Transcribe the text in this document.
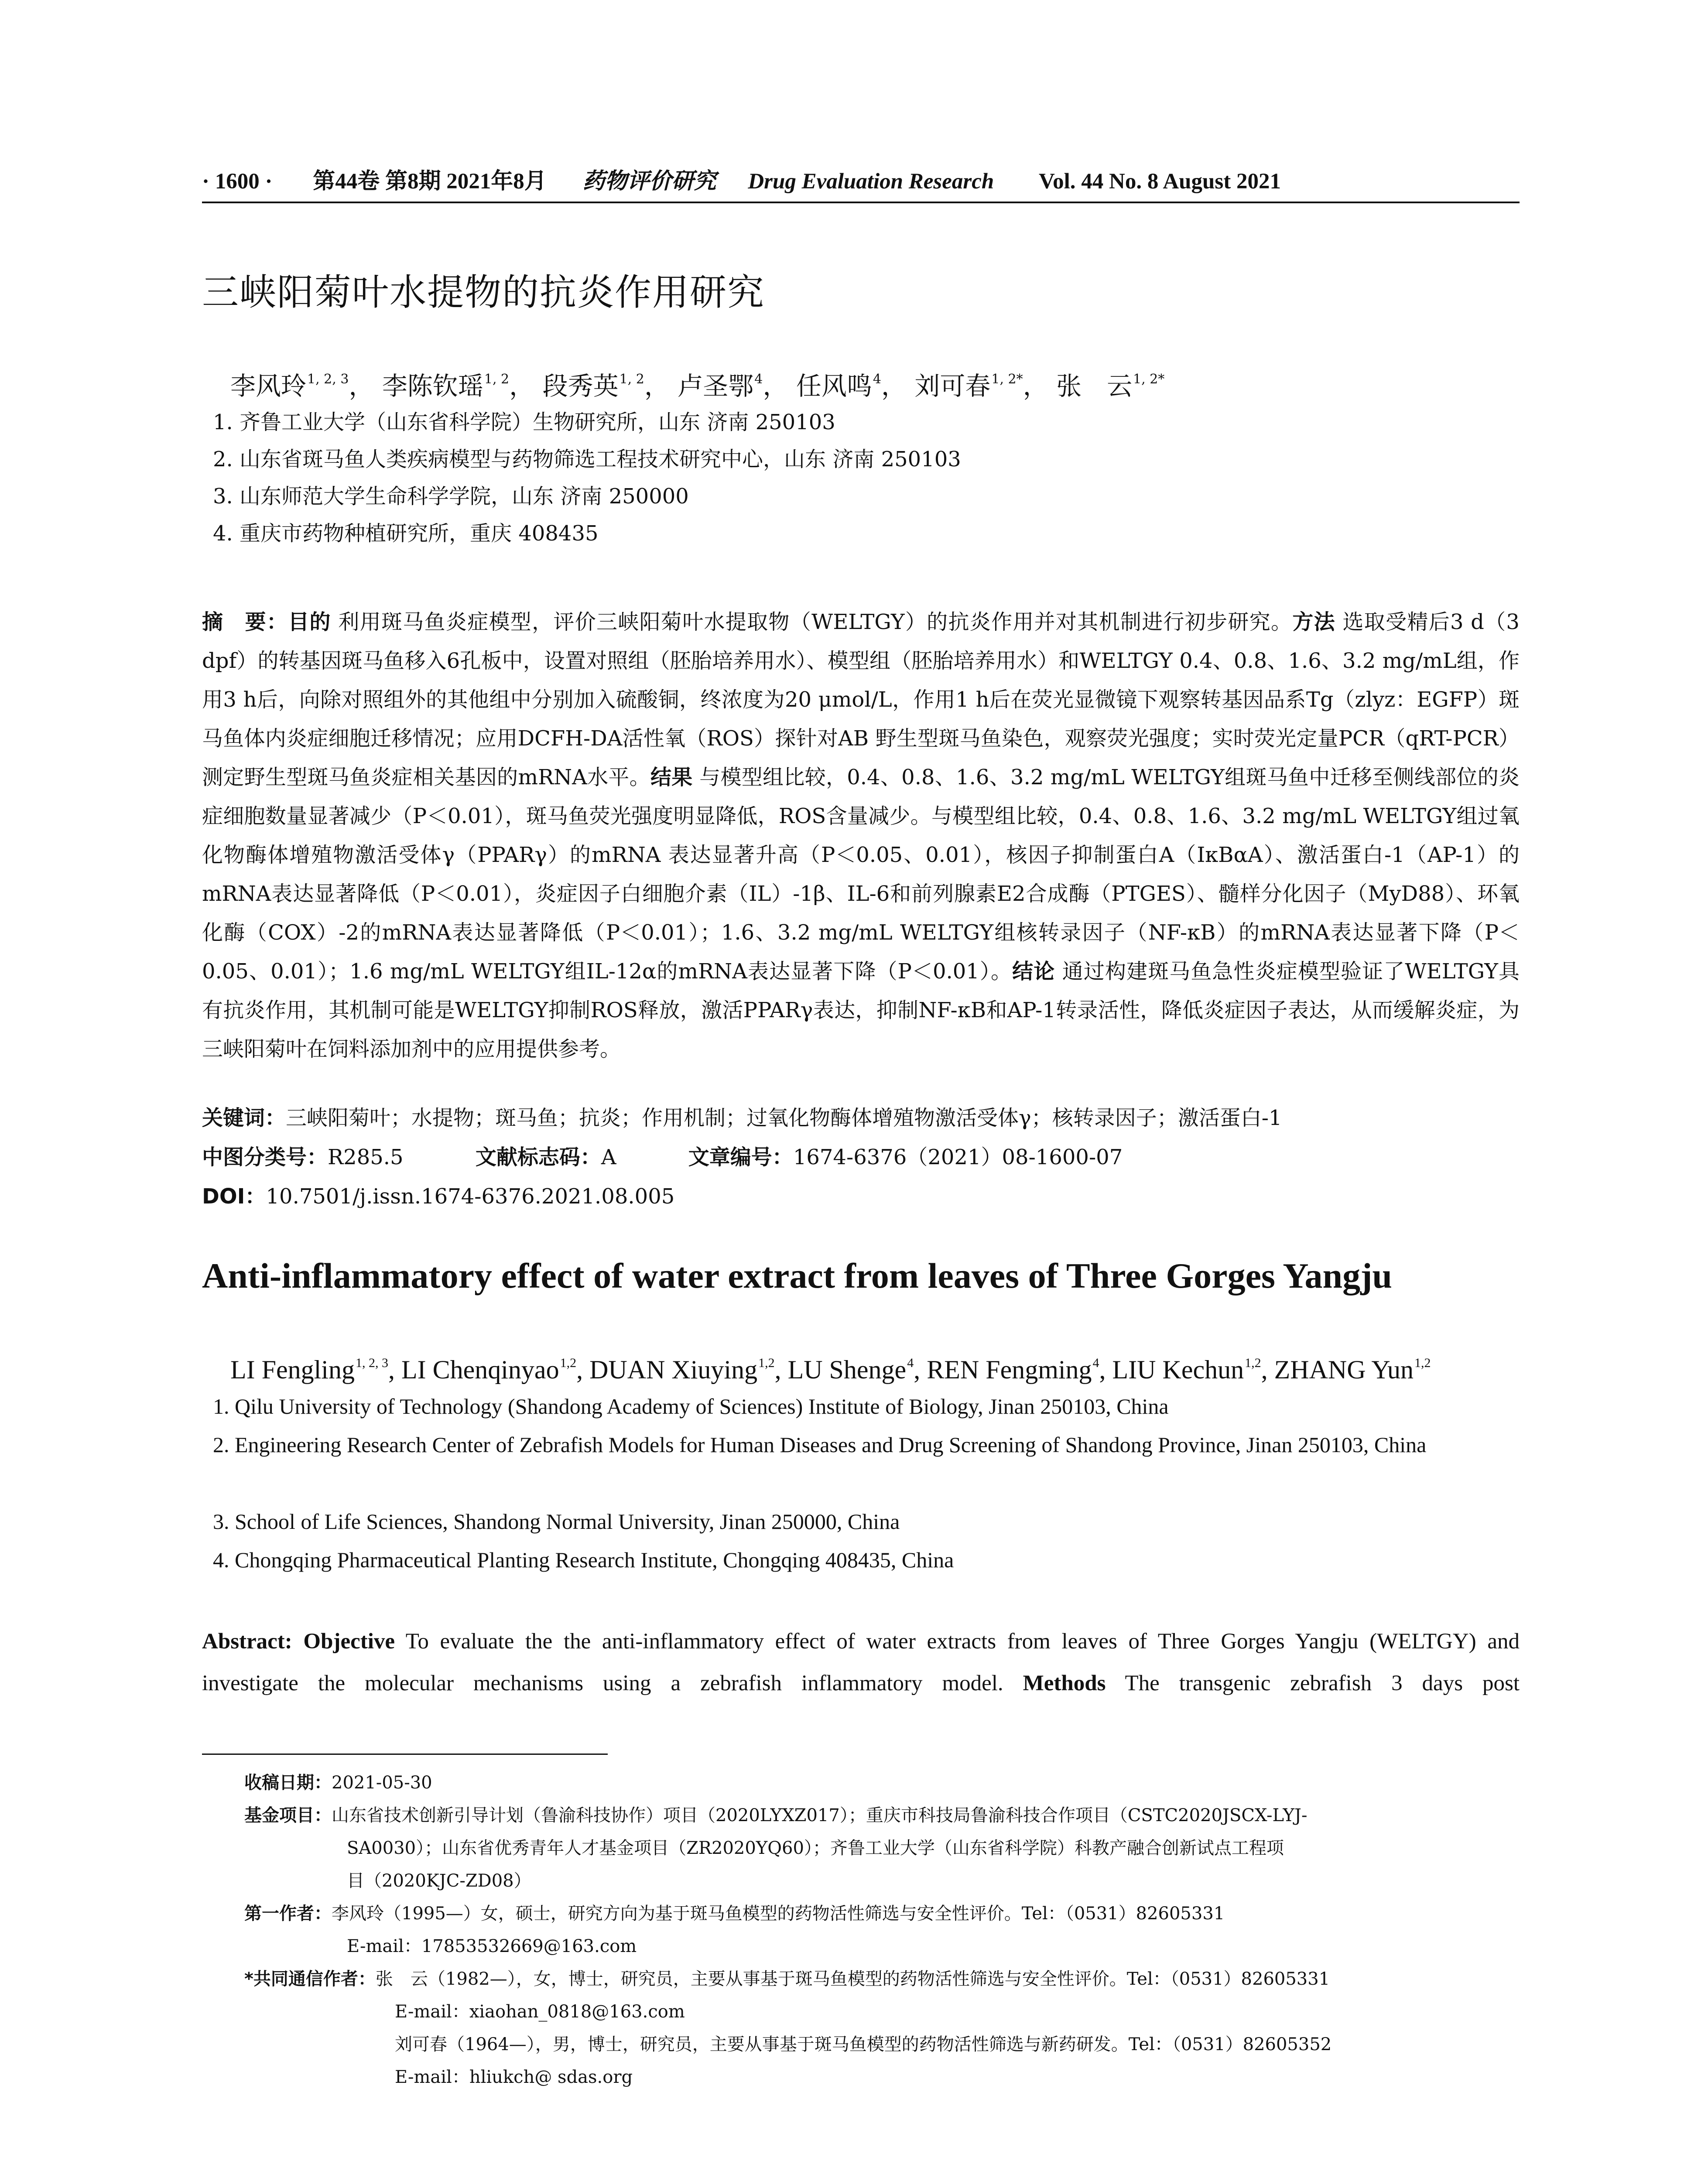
· 1600 · 第44卷 第8期 2021年8月 药物评价研究 Drug Evaluation Research Vol. 44 No. 8 August 2021
三峡阳菊叶水提物的抗炎作用研究
李风玲$^{1, 2, 3}$， 李陈钦瑶$^{1, 2}$， 段秀英$^{1, 2}$， 卢圣鄂$^4$， 任风鸣$^4$， 刘可春$^{1, 2*}$， 张　云$^{1, 2*}$
1. 齐鲁工业大学（山东省科学院）生物研究所，山东 济南 250103
2. 山东省斑马鱼人类疾病模型与药物筛选工程技术研究中心，山东 济南 250103
3. 山东师范大学生命科学学院，山东 济南 250000
4. 重庆市药物种植研究所，重庆 408435
摘　要：目的 利用斑马鱼炎症模型，评价三峡阳菊叶水提取物（WELTGY）的抗炎作用并对其机制进行初步研究。方法 选取受精后3 d（3 dpf）的转基因斑马鱼移入6孔板中，设置对照组（胚胎培养用水）、模型组（胚胎培养用水）和WELTGY 0.4、0.8、1.6、3.2 mg/mL组，作用3 h后，向除对照组外的其他组中分别加入硫酸铜，终浓度为20 μmol/L，作用1 h后在荧光显微镜下观察转基因品系Tg（zlyz：EGFP）斑马鱼体内炎症细胞迁移情况；应用DCFH-DA活性氧（ROS）探针对AB 野生型斑马鱼染色，观察荧光强度；实时荧光定量PCR（qRT-PCR）测定野生型斑马鱼炎症相关基因的mRNA水平。结果 与模型组比较，0.4、0.8、1.6、3.2 mg/mL WELTGY组斑马鱼中迁移至侧线部位的炎症细胞数量显著减少（P＜0.01），斑马鱼荧光强度明显降低，ROS含量减少。与模型组比较，0.4、0.8、1.6、3.2 mg/mL WELTGY组过氧化物酶体增殖物激活受体γ（PPARγ）的mRNA 表达显著升高（P＜0.05、0.01），核因子抑制蛋白A（IκBαA）、激活蛋白-1（AP-1）的mRNA表达显著降低（P＜0.01），炎症因子白细胞介素（IL）-1β、IL-6和前列腺素E2合成酶（PTGES）、髓样分化因子（MyD88）、环氧化酶（COX）-2的mRNA表达显著降低（P＜0.01）；1.6、3.2 mg/mL WELTGY组核转录因子（NF-κB）的mRNA表达显著下降（P＜0.05、0.01）；1.6 mg/mL WELTGY组IL-12α的mRNA表达显著下降（P＜0.01）。结论 通过构建斑马鱼急性炎症模型验证了WELTGY具有抗炎作用，其机制可能是WELTGY抑制ROS释放，激活PPARγ表达，抑制NF-κB和AP-1转录活性，降低炎症因子表达，从而缓解炎症，为三峡阳菊叶在饲料添加剂中的应用提供参考。
关键词：三峡阳菊叶；水提物；斑马鱼；抗炎；作用机制；过氧化物酶体增殖物激活受体γ；核转录因子；激活蛋白-1
中图分类号：R285.5	文献标志码：A	文章编号：1674-6376（2021）08-1600-07
DOI：10.7501/j.issn.1674-6376.2021.08.005
Anti-inflammatory effect of water extract from leaves of Three Gorges Yangju
LI Fengling$^{1, 2, 3}$, LI Chenqinyao$^{1,2}$, DUAN Xiuying$^{1,2}$, LU Shenge$^4$, REN Fengming$^4$, LIU Kechun$^{1,2}$, ZHANG Yun$^{1,2}$
1. Qilu University of Technology (Shandong Academy of Sciences) Institute of Biology, Jinan 250103, China
2. Engineering Research Center of Zebrafish Models for Human Diseases and Drug Screening of Shandong Province, Jinan 250103, China
3. School of Life Sciences, Shandong Normal University, Jinan 250000, China
4. Chongqing Pharmaceutical Planting Research Institute, Chongqing 408435, China
Abstract: Objective To evaluate the the anti-inflammatory effect of water extracts from leaves of Three Gorges Yangju (WELTGY) and investigate the molecular mechanisms using a zebrafish inflammatory model. Methods The transgenic zebrafish 3 days post
收稿日期：2021-05-30
基金项目：山东省技术创新引导计划（鲁渝科技协作）项目（2020LYXZ017）；重庆市科技局鲁渝科技合作项目（CSTC2020JSCX-LYJ-
SA0030）；山东省优秀青年人才基金项目（ZR2020YQ60）；齐鲁工业大学（山东省科学院）科教产融合创新试点工程项
目（2020KJC-ZD08）
第一作者：李风玲（1995—）女，硕士，研究方向为基于斑马鱼模型的药物活性筛选与安全性评价。Tel：（0531）82605331
E-mail：17853532669@163.com
*共同通信作者：张　云（1982—），女，博士，研究员，主要从事基于斑马鱼模型的药物活性筛选与安全性评价。Tel：（0531）82605331
E-mail：xiaohan_0818@163.com
刘可春（1964—），男，博士，研究员，主要从事基于斑马鱼模型的药物活性筛选与新药研发。Tel：（0531）82605352
E-mail：hliukch@ sdas.org
